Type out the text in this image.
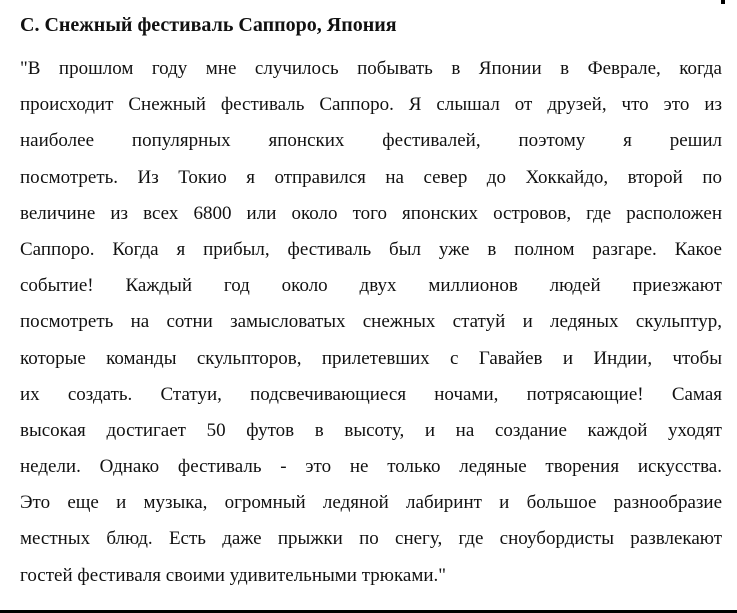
С. Снежный фестиваль Саппоро, Япония
"В прошлом году мне случилось побывать в Японии в Феврале, когда
происходит Снежный фестиваль Саппоро. Я слышал от друзей, что это из
наиболее популярных японских фестивалей, поэтому я решил
посмотреть. Из Токио я отправился на север до Хоккайдо, второй по
величине из всех 6800 или около того японских островов, где расположен
Саппоро. Когда я прибыл, фестиваль был уже в полном разгаре. Какое
событие! Каждый год около двух миллионов людей приезжают
посмотреть на сотни замысловатых снежных статуй и ледяных скульптур,
которые команды скульпторов, прилетевших с Гавайев и Индии, чтобы
их создать. Статуи, подсвечивающиеся ночами, потрясающие! Самая
высокая достигает 50 футов в высоту, и на создание каждой уходят
недели. Однако фестиваль - это не только ледяные творения искусства.
Это еще и музыка, огромный ледяной лабиринт и большое разнообразие
местных блюд. Есть даже прыжки по снегу, где сноубордисты развлекают
гостей фестиваля своими удивительными трюками."
